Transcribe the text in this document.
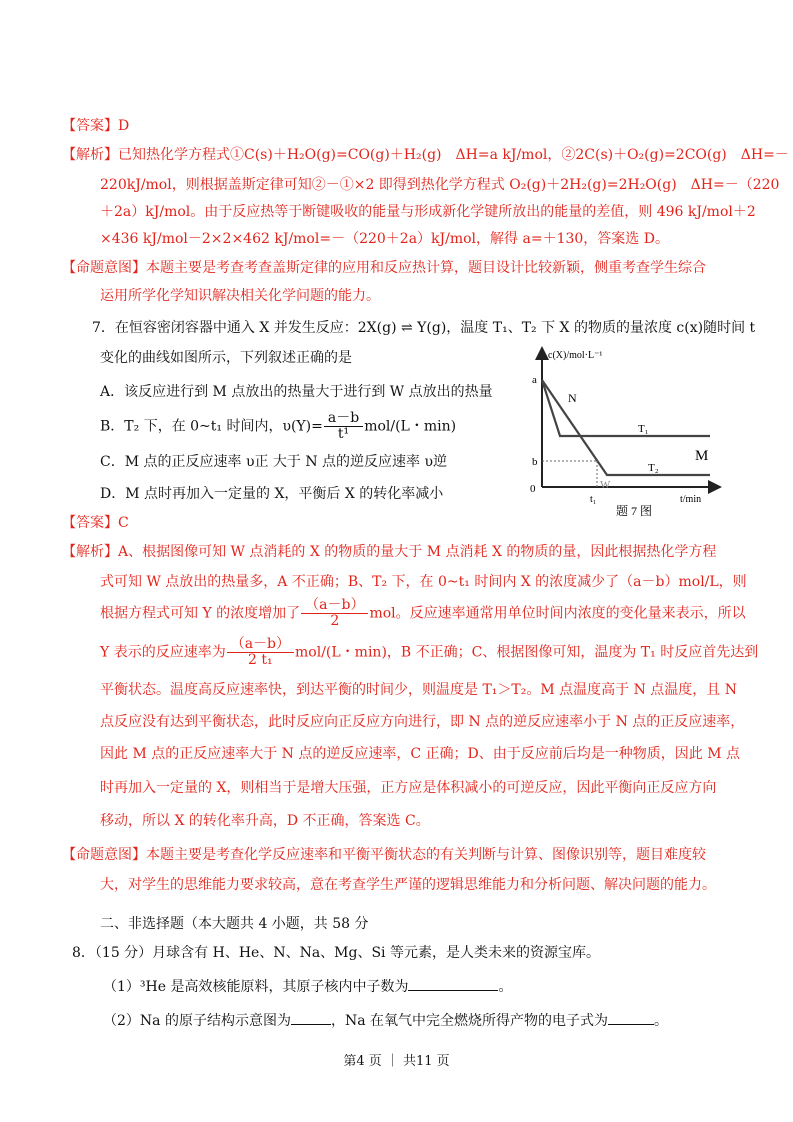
【答案】D
【解析】已知热化学方程式①C(s)＋H₂O(g)=CO(g)＋H₂(g)　ΔH=a kJ/mol，②2C(s)＋O₂(g)=2CO(g)　ΔH=－
220kJ/mol，则根据盖斯定律可知②－①×2 即得到热化学方程式 O₂(g)＋2H₂(g)=2H₂O(g)　ΔH=－（220
＋2a）kJ/mol。由于反应热等于断键吸收的能量与形成新化学键所放出的能量的差值，则 496 kJ/mol＋2
×436 kJ/mol－2×2×462 kJ/mol=－（220＋2a）kJ/mol，解得 a=＋130，答案选 D。
【命题意图】本题主要是考查考查盖斯定律的应用和反应热计算，题目设计比较新颖，侧重考查学生综合
运用所学化学知识解决相关化学问题的能力。
7．在恒容密闭容器中通入 X 并发生反应：2X(g) ⇌ Y(g)，温度 T₁、T₂ 下 X 的物质的量浓度 c(x)随时间 t
变化的曲线如图所示，下列叙述正确的是
A．该反应进行到 M 点放出的热量大于进行到 W 点放出的热量
B．T₂ 下，在 0~t₁ 时间内，$\upsilon(Y)= \frac{a-b}{\text{t¹}} mol/(L$・min)
C．M 点的正反应速率 υ正 大于 N 点的逆反应速率 υ逆
D．M 点时再加入一定量的 X，平衡后 X 的转化率减小
c(X)/mol·L⁻¹
a
b
0
N
M
W
T₁
T₂
t₁	t/min
题 7 图
【答案】C
【解析】A、根据图像可知 W 点消耗的 X 的物质的量大于 M 点消耗 X 的物质的量，因此根据热化学方程
式可知 W 点放出的热量多，A 不正确；B、T₂ 下，在 0~t₁ 时间内 X 的浓度减少了（a－b）mol/L，则
根据方程式可知 Y 的浓度增加了 $\frac{(a-b)}{2}$ mol。反应速率通常用单位时间内浓度的变化量来表示，所以
Y 表示的反应速率为 $\frac{(a-b)}{\text{2 t₁}} mol/(L$・min)，B 不正确；C、根据图像可知，温度为 T₁ 时反应首先达到
平衡状态。温度高反应速率快，到达平衡的时间少，则温度是 T₁＞T₂。M 点温度高于 N 点温度，且 N
点反应没有达到平衡状态，此时反应向正反应方向进行，即 N 点的逆反应速率小于 N 点的正反应速率，
因此 M 点的正反应速率大于 N 点的逆反应速率，C 正确；D、由于反应前后均是一种物质，因此 M 点
时再加入一定量的 X，则相当于是增大压强，正方应是体积减小的可逆反应，因此平衡向正反应方向
移动，所以 X 的转化率升高，D 不正确，答案选 C。
【命题意图】本题主要是考查化学反应速率和平衡平衡状态的有关判断与计算、图像识别等，题目难度较
大，对学生的思维能力要求较高，意在考查学生严谨的逻辑思维能力和分析问题、解决问题的能力。
二、非选择题（本大题共 4 小题，共 58 分
8．（15 分）月球含有 H、He、N、Na、Mg、Si 等元素，是人类未来的资源宝库。
（1）³He 是高效核能原料，其原子核内中子数为	。
（2）Na 的原子结构示意图为	，Na 在氧气中完全燃烧所得产物的电子式为	。
第4 页 ｜ 共11 页
